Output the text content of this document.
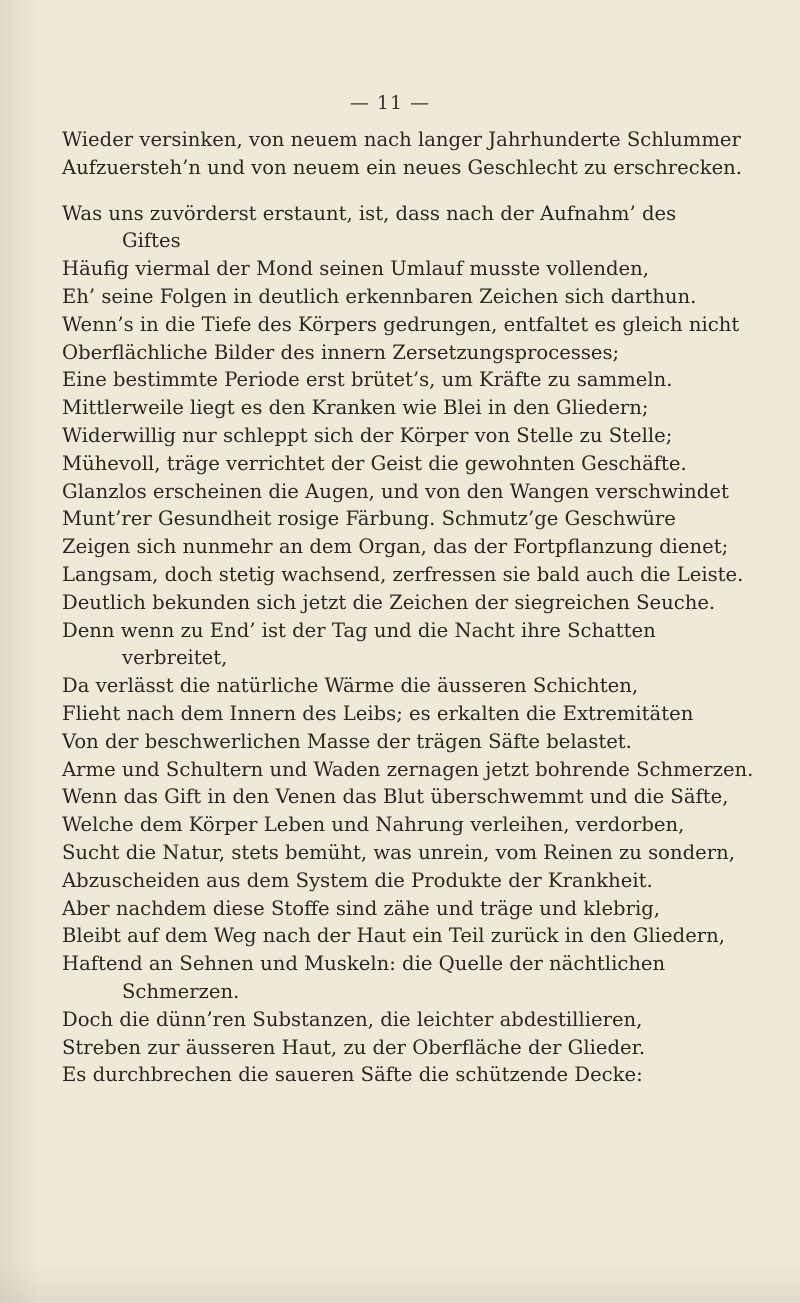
— 11 —
Wieder versinken, von neuem nach langer Jahrhunderte Schlummer
Aufzuersteh’n und von neuem ein neues Geschlecht zu erschrecken.
Was uns zuvörderst erstaunt, ist, dass nach der Aufnahm’ des
Giftes
Häufig viermal der Mond seinen Umlauf musste vollenden,
Eh’ seine Folgen in deutlich erkennbaren Zeichen sich darthun.
Wenn’s in die Tiefe des Körpers gedrungen, entfaltet es gleich nicht
Oberflächliche Bilder des innern Zersetzungsprocesses;
Eine bestimmte Periode erst brütet’s, um Kräfte zu sammeln.
Mittlerweile liegt es den Kranken wie Blei in den Gliedern;
Widerwillig nur schleppt sich der Körper von Stelle zu Stelle;
Mühevoll, träge verrichtet der Geist die gewohnten Geschäfte.
Glanzlos erscheinen die Augen, und von den Wangen verschwindet
Munt’rer Gesundheit rosige Färbung. Schmutz’ge Geschwüre
Zeigen sich nunmehr an dem Organ, das der Fortpflanzung dienet;
Langsam, doch stetig wachsend, zerfressen sie bald auch die Leiste.
Deutlich bekunden sich jetzt die Zeichen der siegreichen Seuche.
Denn wenn zu End’ ist der Tag und die Nacht ihre Schatten
verbreitet,
Da verlässt die natürliche Wärme die äusseren Schichten,
Flieht nach dem Innern des Leibs; es erkalten die Extremitäten
Von der beschwerlichen Masse der trägen Säfte belastet.
Arme und Schultern und Waden zernagen jetzt bohrende Schmerzen.
Wenn das Gift in den Venen das Blut überschwemmt und die Säfte,
Welche dem Körper Leben und Nahrung verleihen, verdorben,
Sucht die Natur, stets bemüht, was unrein, vom Reinen zu sondern,
Abzuscheiden aus dem System die Produkte der Krankheit.
Aber nachdem diese Stoffe sind zähe und träge und klebrig,
Bleibt auf dem Weg nach der Haut ein Teil zurück in den Gliedern,
Haftend an Sehnen und Muskeln: die Quelle der nächtlichen
Schmerzen.
Doch die dünn’ren Substanzen, die leichter abdestillieren,
Streben zur äusseren Haut, zu der Oberfläche der Glieder.
Es durchbrechen die saueren Säfte die schützende Decke:
